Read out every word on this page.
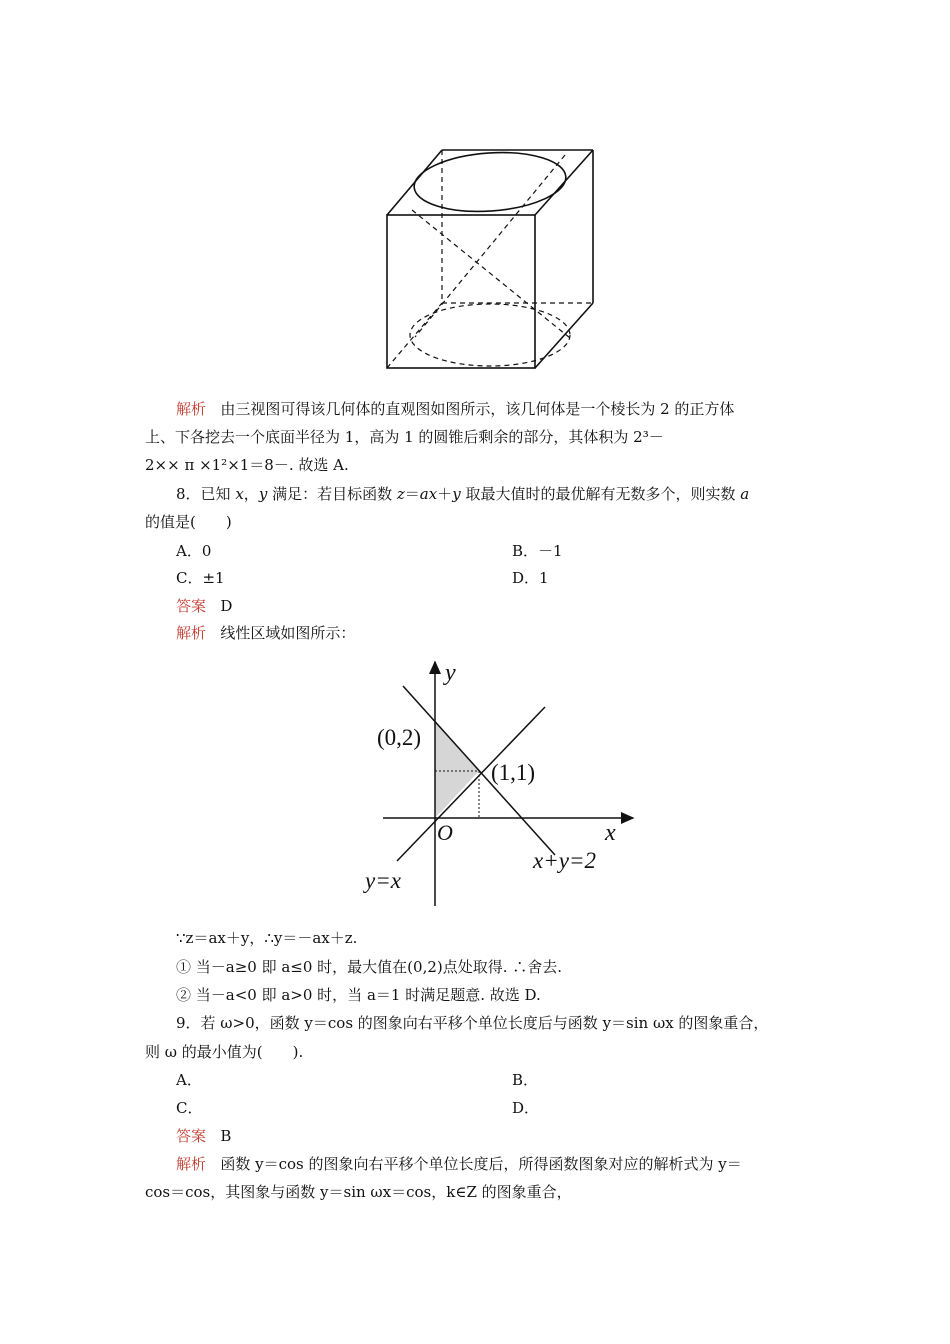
解析 由三视图可得该几何体的直观图如图所示，该几何体是一个棱长为 2 的正方体
上、下各挖去一个底面半径为 1，高为 1 的圆锥后剩余的部分，其体积为 2³－
2×× π ×1²×1＝8－. 故选 A.
8．已知 x，y 满足：若目标函数 z＝ax＋y 取最大值时的最优解有无数多个，则实数 a
的值是(　　)
A．0	B．－1
C．±1	D．1
答案 D
解析 线性区域如图所示：
y
x
O
(0,2)
(1,1)
x+y=2
y=x
∵z＝ax＋y，∴y＝－ax＋z.
① 当－a≥0 即 a≤0 时，最大值在(0,2)点处取得. ∴舍去.
② 当－a<0 即 a>0 时，当 a＝1 时满足题意. 故选 D.
9．若 ω>0，函数 y＝cos 的图象向右平移个单位长度后与函数 y＝sin ωx 的图象重合，
则 ω 的最小值为(　　).
A．	B．
C．	D．
答案 B
解析 函数 y＝cos 的图象向右平移个单位长度后，所得函数图象对应的解析式为 y＝
cos＝cos，其图象与函数 y＝sin ωx＝cos，k∈Z 的图象重合，
